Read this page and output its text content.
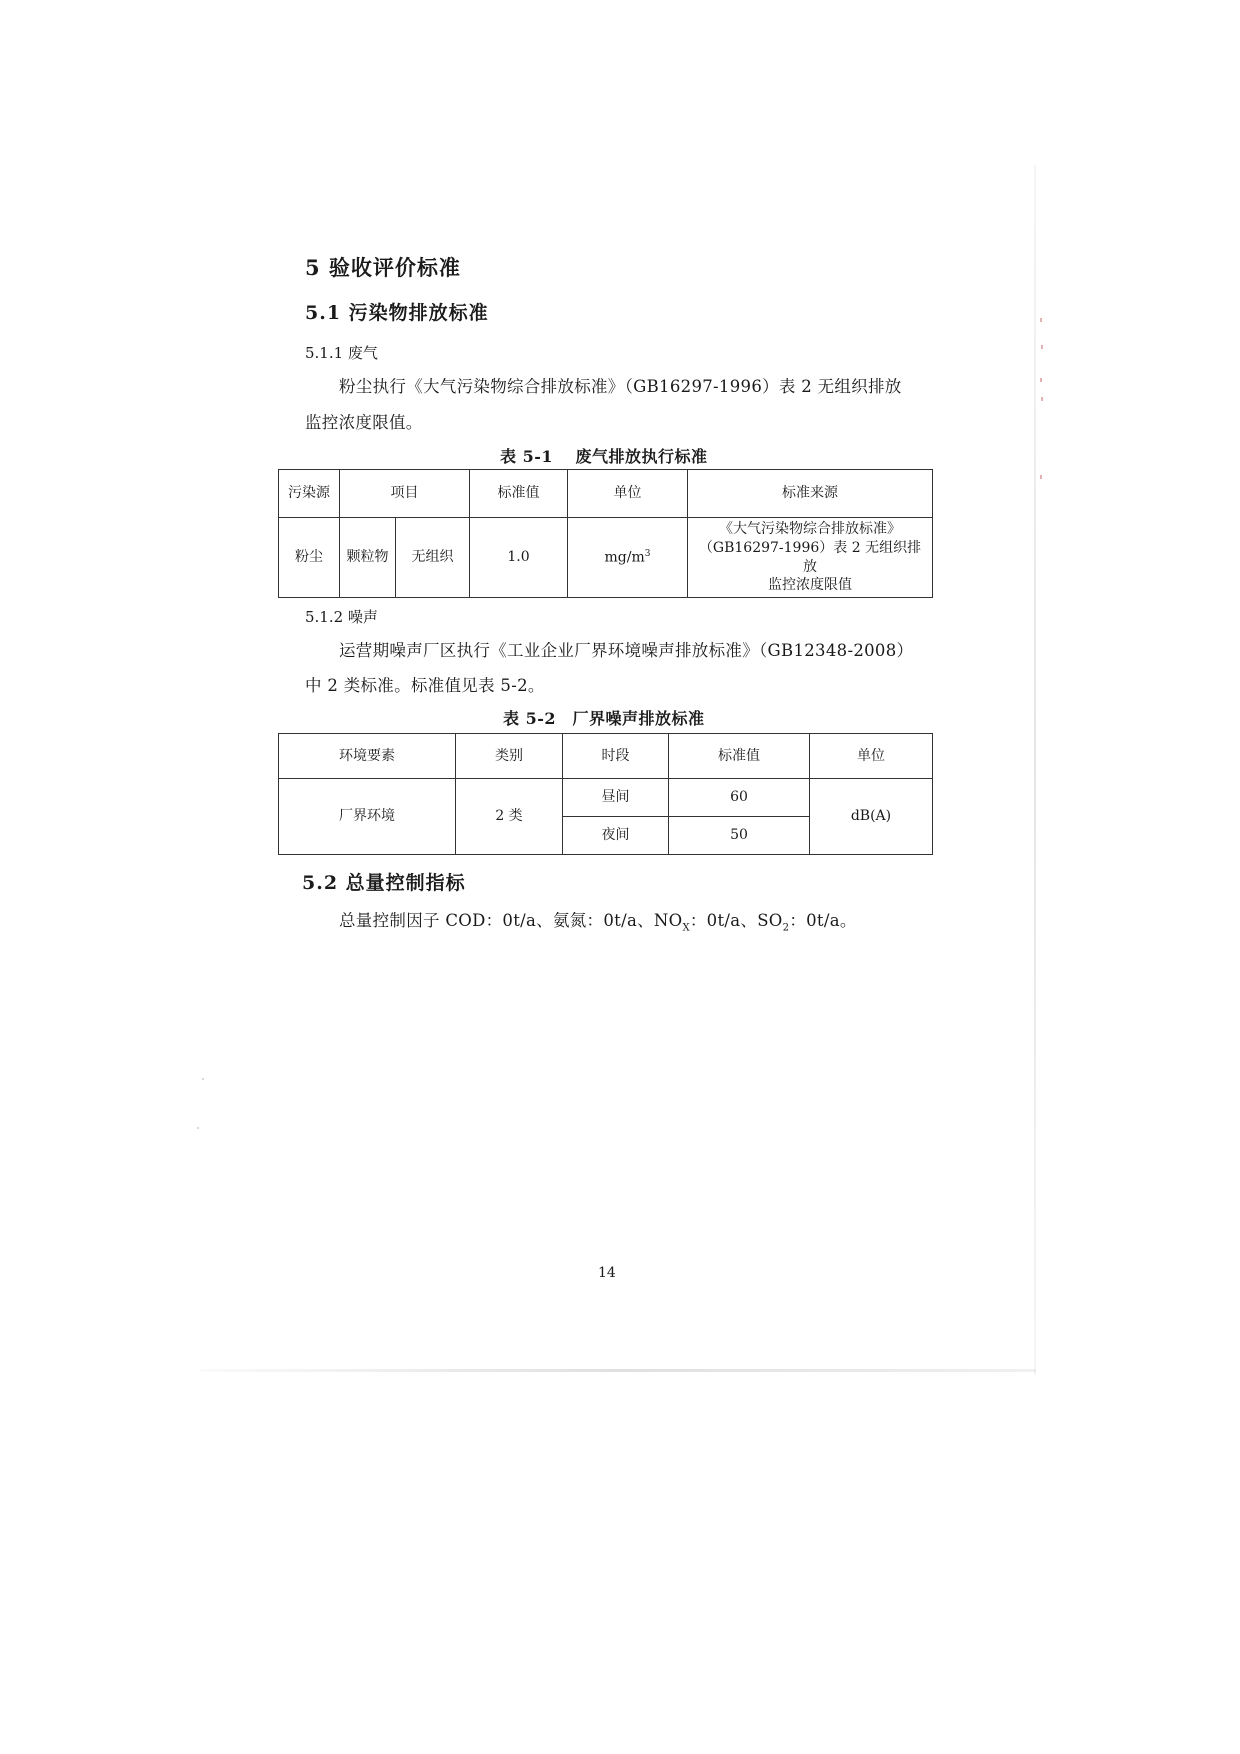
5 验收评价标准
5.1 污染物排放标准
5.1.1 废气
粉尘执行《大气污染物综合排放标准》（GB16297-1996）表 2 无组织排放
监控浓度限值。
表 5-1　 废气排放执行标准
污染源	项目		标准值	单位	标准来源
粉尘	颗粒物	无组织	1.0	$mg/m^3$	《大气污染物综合排放标准》
（GB16297-1996）表 2 无组织排放
监控浓度限值
5.1.2 噪声
运营期噪声厂区执行《工业企业厂界环境噪声排放标准》（GB12348-2008）
中 2 类标准。标准值见表 5-2。
表 5-2　厂界噪声排放标准
环境要素	类别	时段	标准值	单位
厂界环境	2 类	昼间	60	dB(A)
		夜间	50	
5.2 总量控制指标
总量控制因子 COD：0t/a、氨氮：0t/a、$NO_X$：0t/a、$SO_2$：0t/a。
14
